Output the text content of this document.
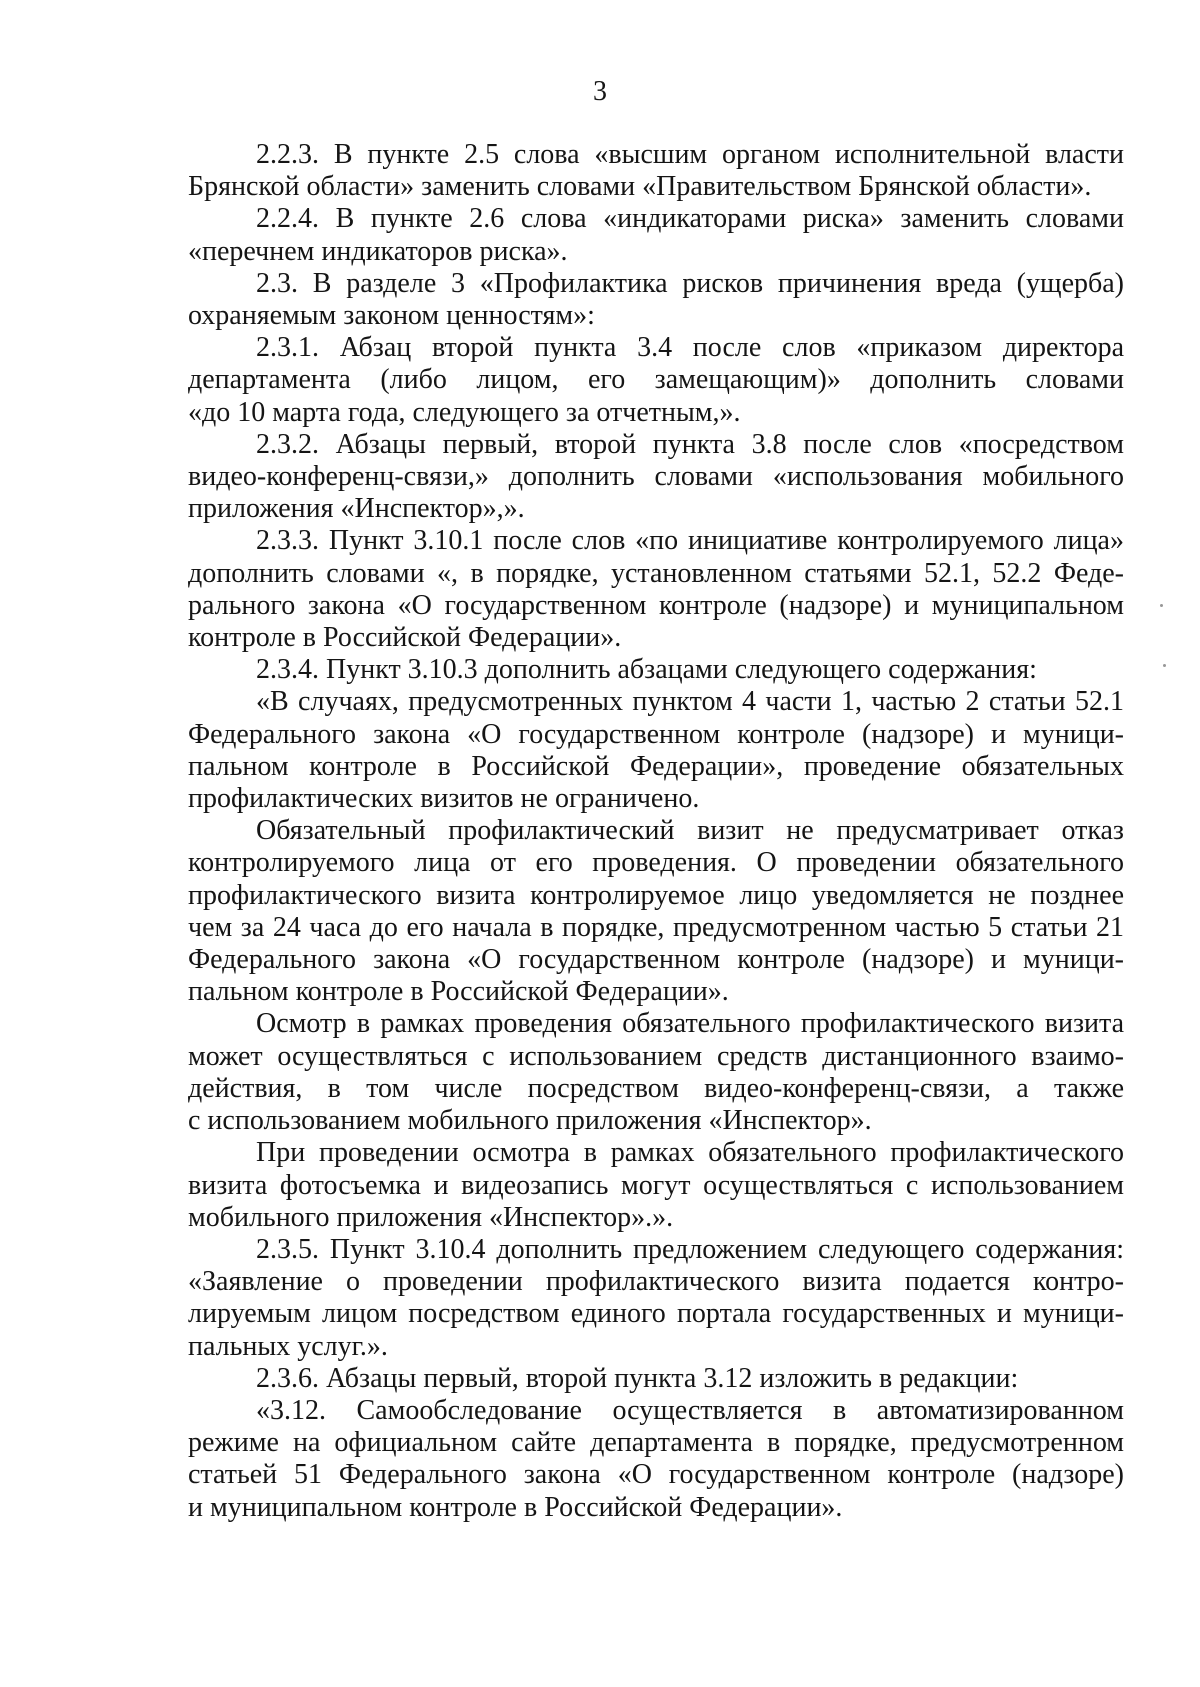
3
2.2.3. В пункте 2.5 слова «высшим органом исполнительной власти
Брянской области» заменить словами «Правительством Брянской области».
2.2.4. В пункте 2.6 слова «индикаторами риска» заменить словами
«перечнем индикаторов риска».
2.3. В разделе 3 «Профилактика рисков причинения вреда (ущерба)
охраняемым законом ценностям»:
2.3.1. Абзац второй пункта 3.4 после слов «приказом директора
департамента (либо лицом, его замещающим)» дополнить словами
«до 10 марта года, следующего за отчетным,».
2.3.2. Абзацы первый, второй пункта 3.8 после слов «посредством
видео-конференц-связи,» дополнить словами «использования мобильного
приложения «Инспектор»,».
2.3.3. Пункт 3.10.1 после слов «по инициативе контролируемого лица»
дополнить словами «, в порядке, установленном статьями 52.1, 52.2 Феде-
рального закона «О государственном контроле (надзоре) и муниципальном
контроле в Российской Федерации».
2.3.4. Пункт 3.10.3 дополнить абзацами следующего содержания:
«В случаях, предусмотренных пунктом 4 части 1, частью 2 статьи 52.1
Федерального закона «О государственном контроле (надзоре) и муници-
пальном контроле в Российской Федерации», проведение обязательных
профилактических визитов не ограничено.
Обязательный профилактический визит не предусматривает отказ
контролируемого лица от его проведения. О проведении обязательного
профилактического визита контролируемое лицо уведомляется не позднее
чем за 24 часа до его начала в порядке, предусмотренном частью 5 статьи 21
Федерального закона «О государственном контроле (надзоре) и муници-
пальном контроле в Российской Федерации».
Осмотр в рамках проведения обязательного профилактического визита
может осуществляться с использованием средств дистанционного взаимо-
действия, в том числе посредством видео-конференц-связи, а также
с использованием мобильного приложения «Инспектор».
При проведении осмотра в рамках обязательного профилактического
визита фотосъемка и видеозапись могут осуществляться с использованием
мобильного приложения «Инспектор».».
2.3.5. Пункт 3.10.4 дополнить предложением следующего содержания:
«Заявление о проведении профилактического визита подается контро-
лируемым лицом посредством единого портала государственных и муници-
пальных услуг.».
2.3.6. Абзацы первый, второй пункта 3.12 изложить в редакции:
«3.12. Самообследование осуществляется в автоматизированном
режиме на официальном сайте департамента в порядке, предусмотренном
статьей 51 Федерального закона «О государственном контроле (надзоре)
и муниципальном контроле в Российской Федерации».
